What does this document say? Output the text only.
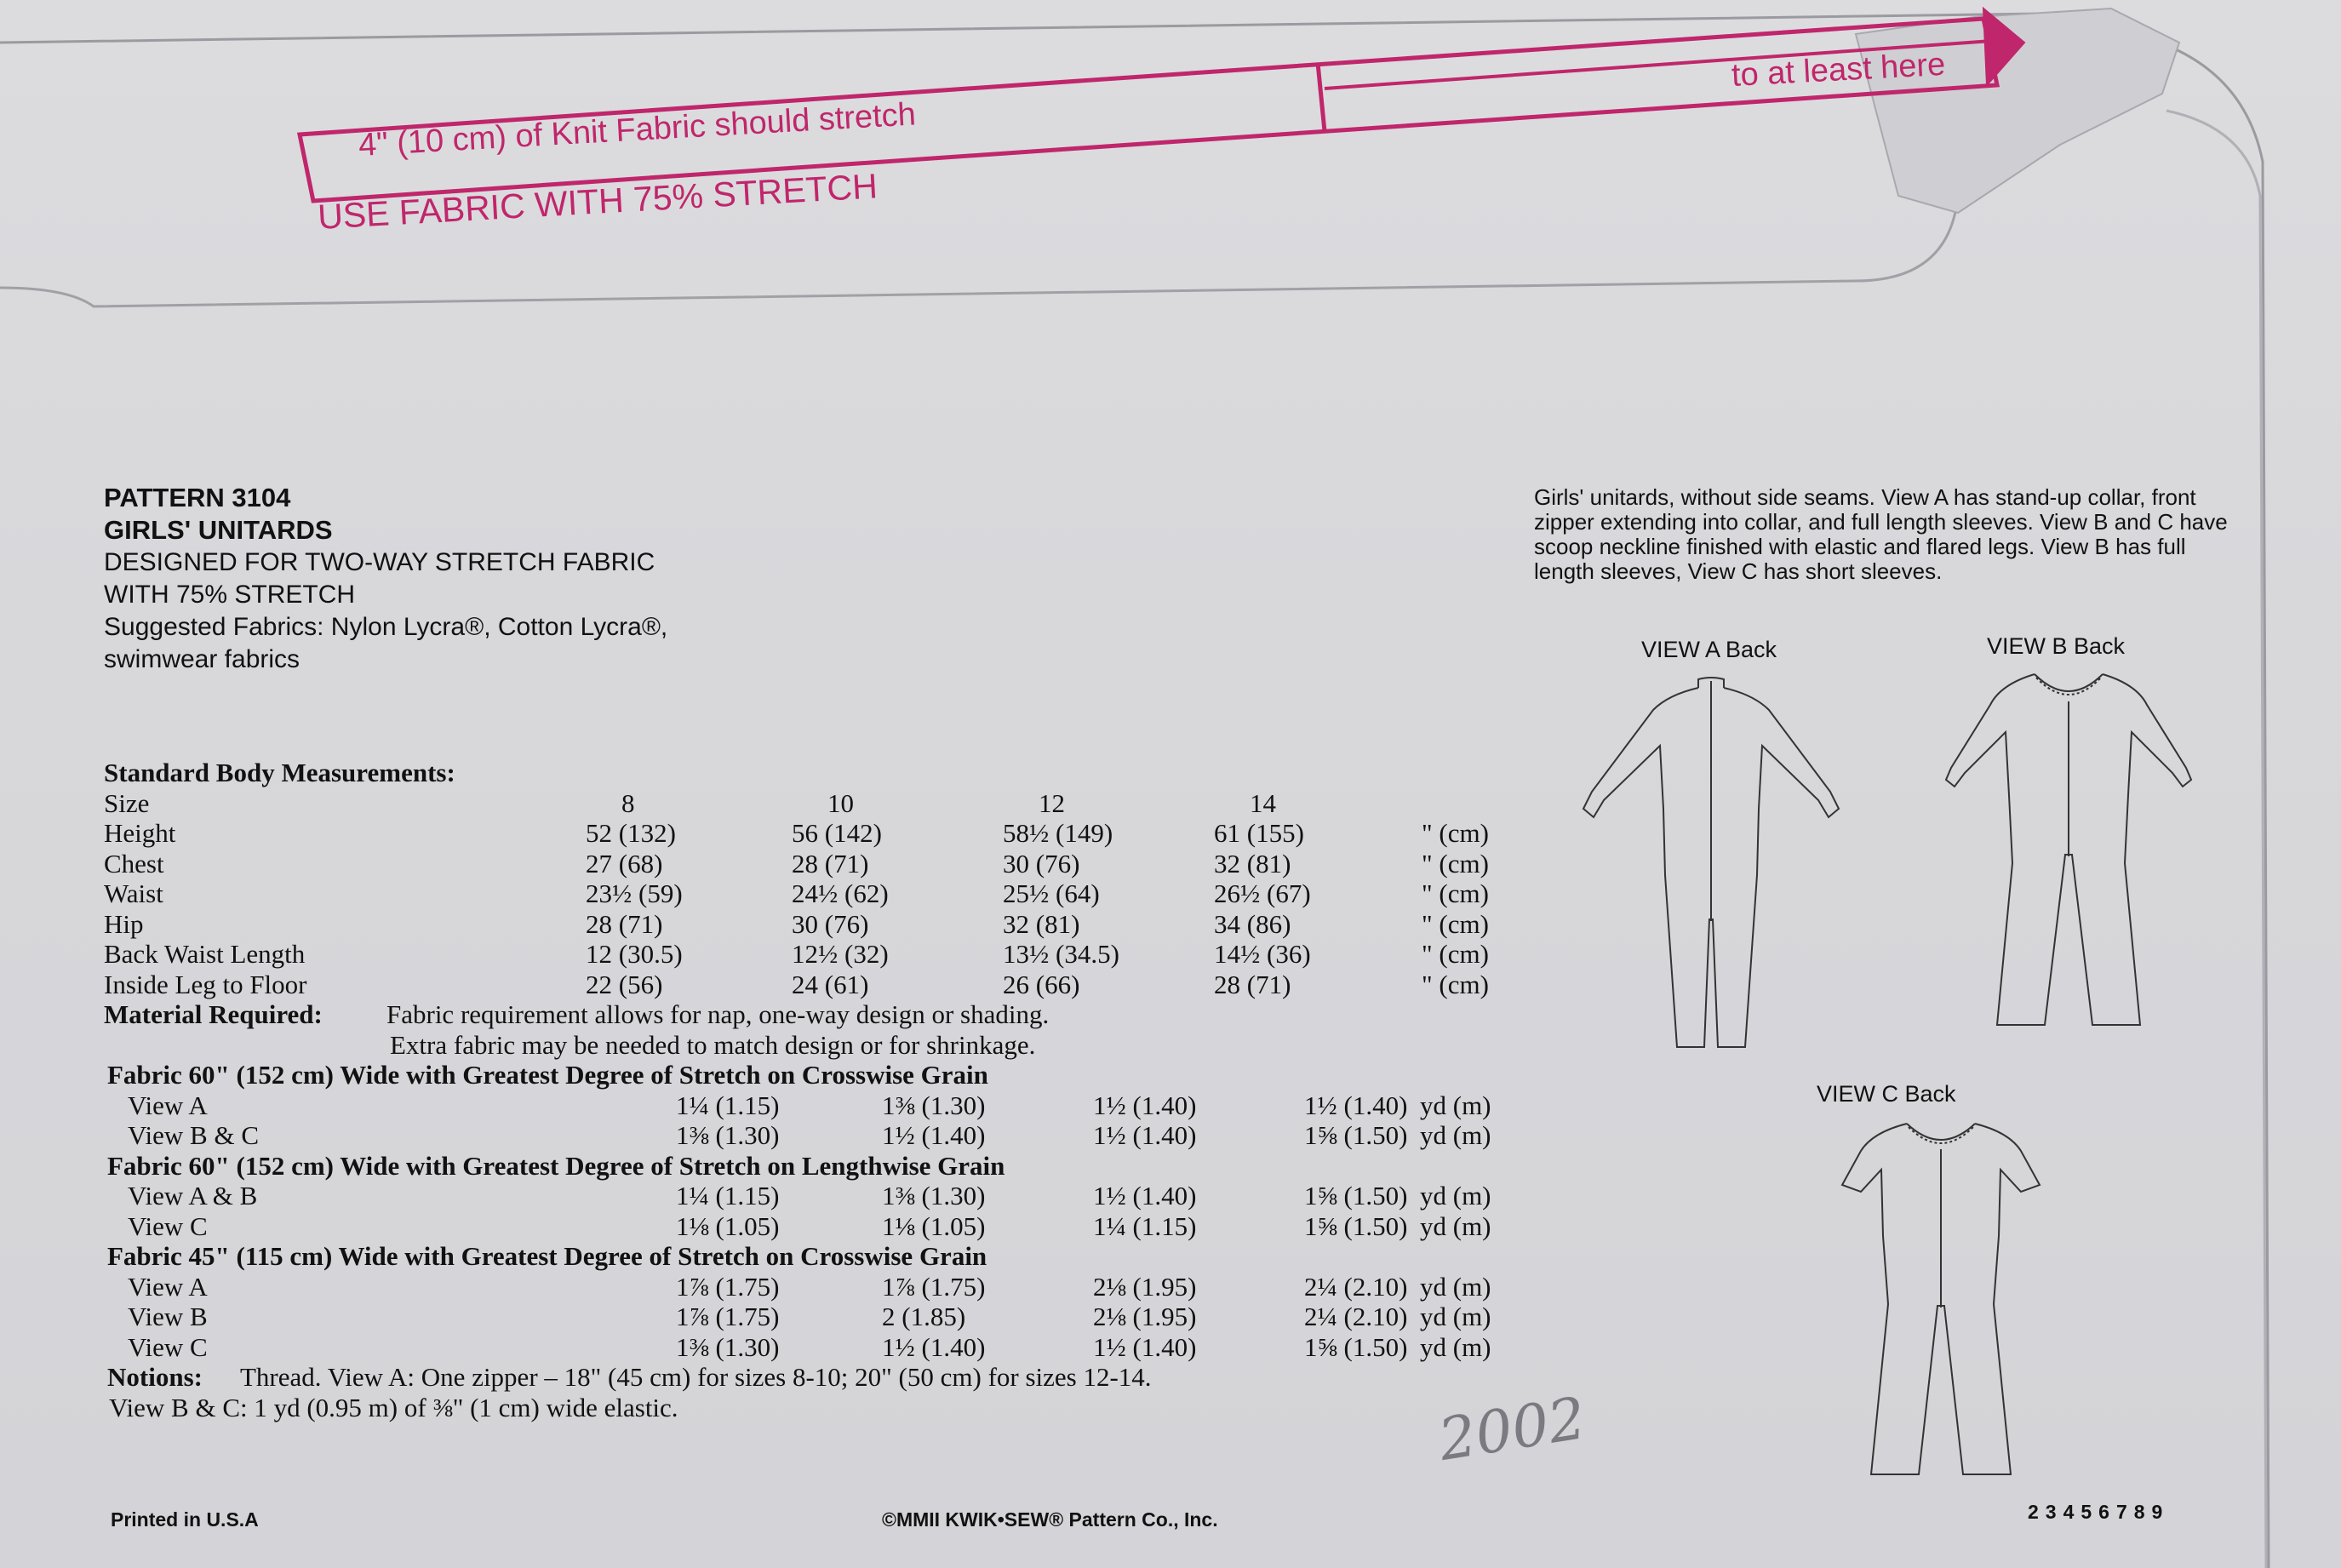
4" (10 cm) of Knit Fabric should stretch
USE FABRIC WITH 75% STRETCH
to at least here
PATTERN 3104
GIRLS' UNITARDS
DESIGNED FOR TWO-WAY STRETCH FABRIC
WITH 75% STRETCH
Suggested Fabrics: Nylon Lycra®, Cotton Lycra®,
swimwear fabrics
Girls' unitards, without side seams. View A has stand-up collar, front zipper extending into collar, and full length sleeves. View B and C have scoop neckline finished with elastic and flared legs. View B has full length sleeves, View C has short sleeves.
VIEW A Back	VIEW B Back
VIEW C Back
Standard Body Measurements:
Size	8	10	12	14
Height	52 (132)	56 (142)	58½ (149)	61 (155)	" (cm)
Chest	27 (68)	28 (71)	30 (76)	32 (81)	" (cm)
Waist	23½ (59)	24½ (62)	25½ (64)	26½ (67)	" (cm)
Hip	28 (71)	30 (76)	32 (81)	34 (86)	" (cm)
Back Waist Length	12 (30.5)	12½ (32)	13½ (34.5)	14½ (36)	" (cm)
Inside Leg to Floor	22 (56)	24 (61)	26 (66)	28 (71)	" (cm)
Material Required: Fabric requirement allows for nap, one-way design or shading.
Extra fabric may be needed to match design or for shrinkage.
Fabric 60" (152 cm) Wide with Greatest Degree of Stretch on Crosswise Grain
View A	1¼ (1.15)	1⅜ (1.30)	1½ (1.40)	1½ (1.40) yd (m)
View B & C	1⅜ (1.30)	1½ (1.40)	1½ (1.40)	1⅝ (1.50) yd (m)
Fabric 60" (152 cm) Wide with Greatest Degree of Stretch on Lengthwise Grain
View A & B	1¼ (1.15)	1⅜ (1.30)	1½ (1.40)	1⅝ (1.50) yd (m)
View C	1⅛ (1.05)	1⅛ (1.05)	1¼ (1.15)	1⅝ (1.50) yd (m)
Fabric 45" (115 cm) Wide with Greatest Degree of Stretch on Crosswise Grain
View A	1⅞ (1.75)	1⅞ (1.75)	2⅛ (1.95)	2¼ (2.10) yd (m)
View B	1⅞ (1.75)	2 (1.85)	2⅛ (1.95)	2¼ (2.10) yd (m)
View C	1⅜ (1.30)	1½ (1.40)	1½ (1.40)	1⅝ (1.50) yd (m)
Notions: Thread. View A: One zipper – 18" (45 cm) for sizes 8-10; 20" (50 cm) for sizes 12-14.
View B & C: 1 yd (0.95 m) of ⅜" (1 cm) wide elastic.	2002
Printed in U.S.A	©MMII KWIK•SEW® Pattern Co., Inc.	23456789
